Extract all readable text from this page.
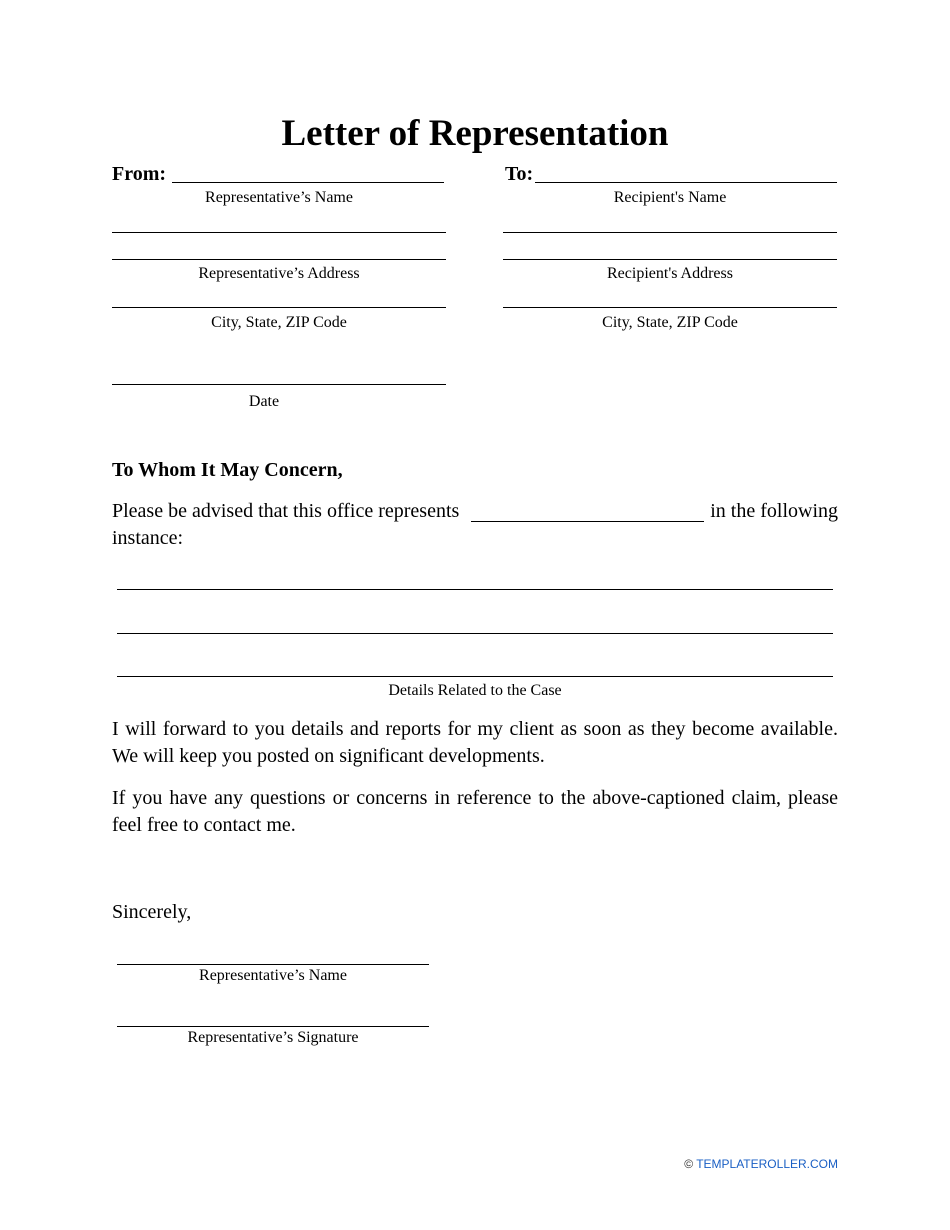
Letter of Representation
From:
Representative’s Name
Representative’s Address
City, State, ZIP Code
Date
To:
Recipient's Name
Recipient's Address
City, State, ZIP Code
To Whom It May Concern,
Please be advised that this office represents	in the following
instance:
Details Related to the Case
I will forward to you details and reports for my client as soon as they become available.
We will keep you posted on significant developments.
If you have any questions or concerns in reference to the above-captioned claim, please
feel free to contact me.
Sincerely,
Representative’s Name
Representative’s Signature
© TEMPLATEROLLER.COM
